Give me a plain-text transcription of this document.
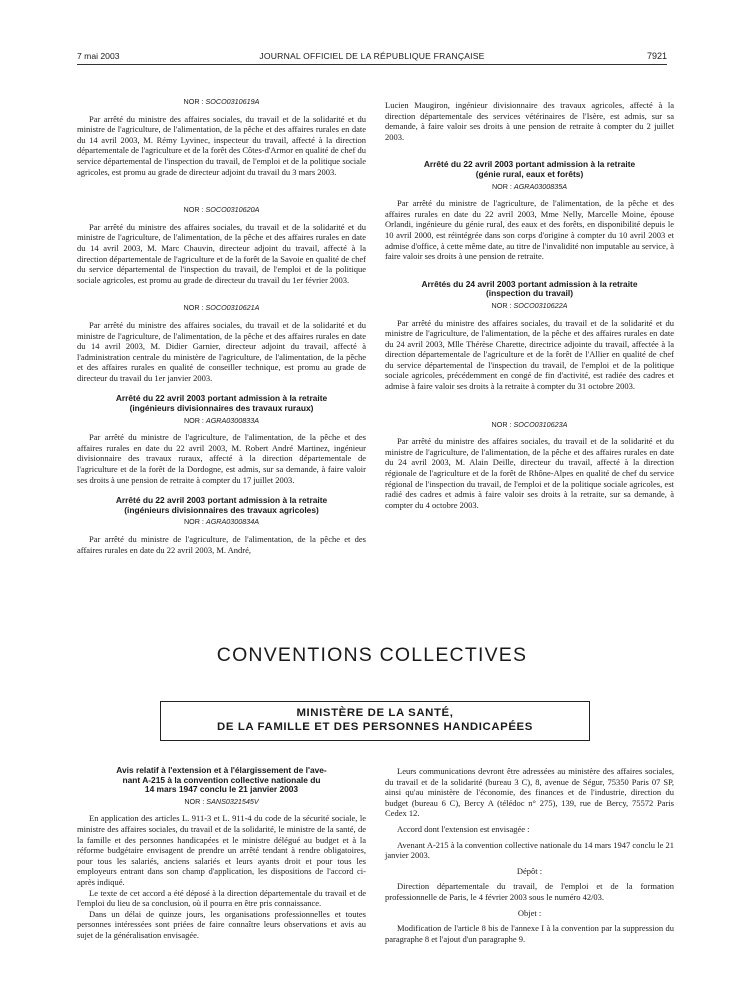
7 mai 2003	JOURNAL OFFICIEL DE LA RÉPUBLIQUE FRANÇAISE	7921
NOR : SOCO0310619A

Par arrêté du ministre des affaires sociales, du travail et de la solidarité et du ministre de l'agriculture, de l'alimentation, de la pêche et des affaires rurales en date du 14 avril 2003, M. Rémy Lyvinec, inspecteur du travail, affecté à la direction départementale de l'agriculture et de la forêt des Côtes-d'Armor en qualité de chef du service départemental de l'inspection du travail, de l'emploi et de la politique sociale agricoles, est promu au grade de directeur adjoint du travail du 3 mars 2003.

NOR : SOCO0310620A

Par arrêté du ministre des affaires sociales, du travail et de la solidarité et du ministre de l'agriculture, de l'alimentation, de la pêche et des affaires rurales en date du 14 avril 2003, M. Marc Chauvin, directeur adjoint du travail, affecté à la direction départementale de l'agriculture et de la forêt de la Savoie en qualité de chef du service départemental de l'inspection du travail, de l'emploi et de la politique sociale agricoles, est promu au grade de directeur du travail du 1er février 2003.

NOR : SOCO0310621A

Par arrêté du ministre des affaires sociales, du travail et de la solidarité et du ministre de l'agriculture, de l'alimentation, de la pêche et des affaires rurales en date du 14 avril 2003, M. Didier Garnier, directeur adjoint du travail, affecté à l'administration centrale du ministère de l'agriculture, de l'alimentation, de la pêche et des affaires rurales en qualité de conseiller technique, est promu au grade de directeur du travail du 1er janvier 2003.

Arrêté du 22 avril 2003 portant admission à la retraite
(ingénieurs divisionnaires des travaux ruraux)
NOR : AGRA0300833A

Par arrêté du ministre de l'agriculture, de l'alimentation, de la pêche et des affaires rurales en date du 22 avril 2003, M. Robert André Martinez, ingénieur divisionnaire des travaux ruraux, affecté à la direction départementale de l'agriculture et de la forêt de la Dordogne, est admis, sur sa demande, à faire valoir ses droits à une pension de retraite à compter du 17 juillet 2003.

Arrêté du 22 avril 2003 portant admission à la retraite
(ingénieurs divisionnaires des travaux agricoles)
NOR : AGRA0300834A

Par arrêté du ministre de l'agriculture, de l'alimentation, de la pêche et des affaires rurales en date du 22 avril 2003, M. André,

Lucien Maugiron, ingénieur divisionnaire des travaux agricoles, affecté à la direction départementale des services vétérinaires de l'Isère, est admis, sur sa demande, à faire valoir ses droits à une pension de retraite à compter du 2 juillet 2003.

Arrêté du 22 avril 2003 portant admission à la retraite
(génie rural, eaux et forêts)
NOR : AGRA0300835A

Par arrêté du ministre de l'agriculture, de l'alimentation, de la pêche et des affaires rurales en date du 22 avril 2003, Mme Nelly, Marcelle Moine, épouse Orlandi, ingénieure du génie rural, des eaux et des forêts, en disponibilité depuis le 10 avril 2000, est réintégrée dans son corps d'origine à compter du 10 avril 2003 et admise d'office, à cette même date, au titre de l'invalidité non imputable au service, à faire valoir ses droits à une pension de retraite.

Arrêtés du 24 avril 2003 portant admission à la retraite
(inspection du travail)
NOR : SOCO0310622A

Par arrêté du ministre des affaires sociales, du travail et de la solidarité et du ministre de l'agriculture, de l'alimentation, de la pêche et des affaires rurales en date du 24 avril 2003, Mlle Thérèse Charette, directrice adjointe du travail, affectée à la direction départementale de l'agriculture et de la forêt de l'Allier en qualité de chef du service départemental de l'inspection du travail, de l'emploi et de la politique sociale agricoles, précédemment en congé de fin d'activité, est radiée des cadres et admise à faire valoir ses droits à la retraite à compter du 31 octobre 2003.

NOR : SOCO0310623A

Par arrêté du ministre des affaires sociales, du travail et de la solidarité et du ministre de l'agriculture, de l'alimentation, de la pêche et des affaires rurales en date du 24 avril 2003, M. Alain Deille, directeur du travail, affecté à la direction régionale de l'agriculture et de la forêt de Rhône-Alpes en qualité de chef du service régional de l'inspection du travail, de l'emploi et de la politique sociale agricoles, est radié des cadres et admis à faire valoir ses droits à la retraite, sur sa demande, à compter du 4 octobre 2003.

CONVENTIONS COLLECTIVES
MINISTÈRE DE LA SANTÉ,
DE LA FAMILLE ET DES PERSONNES HANDICAPÉES
Avis relatif à l'extension et à l'élargissement de l'ave-
nant A-215 à la convention collective nationale du
14 mars 1947 conclu le 21 janvier 2003
NOR : SANS0321545V

En application des articles L. 911-3 et L. 911-4 du code de la sécurité sociale, le ministre des affaires sociales, du travail et de la solidarité, le ministre de la santé, de la famille et des personnes handicapées et le ministre délégué au budget et à la réforme budgétaire envisagent de prendre un arrêté tendant à rendre obligatoires, pour tous les salariés, anciens salariés et leurs ayants droit et pour tous les employeurs entrant dans son champ d'application, les dispositions de l'accord ci-après indiqué.

Le texte de cet accord a été déposé à la direction départementale du travail et de l'emploi du lieu de sa conclusion, où il pourra en être pris connaissance.

Dans un délai de quinze jours, les organisations professionnelles et toutes personnes intéressées sont priées de faire connaître leurs observations et avis au sujet de la généralisation envisagée.

Leurs communications devront être adressées au ministère des affaires sociales, du travail et de la solidarité (bureau 3 C), 8, avenue de Ségur, 75350 Paris 07 SP, ainsi qu'au ministère de l'économie, des finances et de l'industrie, direction du budget (bureau 6 C), Bercy A (télédoc n° 275), 139, rue de Bercy, 75572 Paris Cedex 12.

Accord dont l'extension est envisagée :

Avenant A-215 à la convention collective nationale du 14 mars 1947 conclu le 21 janvier 2003.

Dépôt :

Direction départementale du travail, de l'emploi et de la formation professionnelle de Paris, le 4 février 2003 sous le numéro 42/03.

Objet :

Modification de l'article 8 bis de l'annexe I à la convention par la suppression du paragraphe 8 et l'ajout d'un paragraphe 9.
